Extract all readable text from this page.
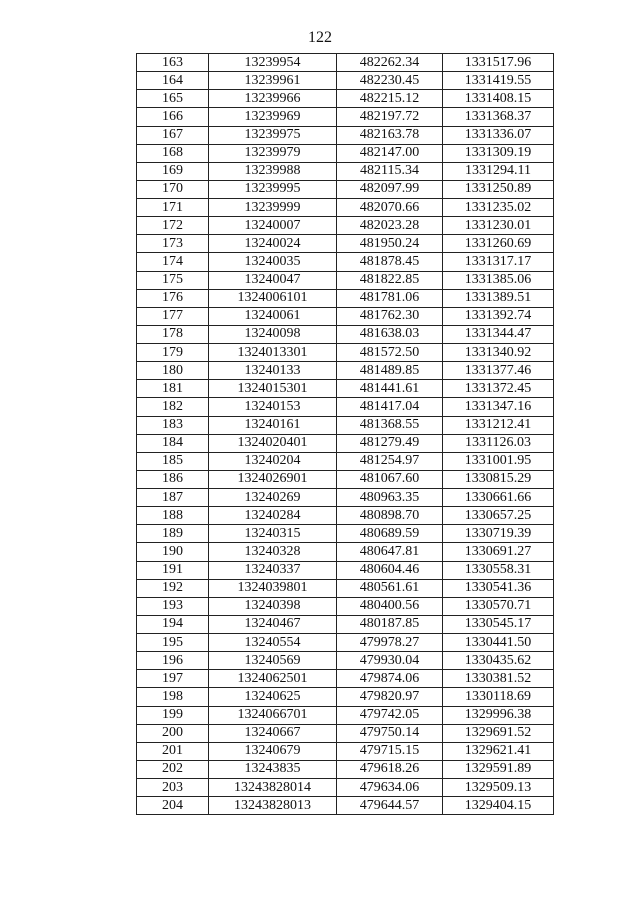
122
163	13239954	482262.34	1331517.96
164	13239961	482230.45	1331419.55
165	13239966	482215.12	1331408.15
166	13239969	482197.72	1331368.37
167	13239975	482163.78	1331336.07
168	13239979	482147.00	1331309.19
169	13239988	482115.34	1331294.11
170	13239995	482097.99	1331250.89
171	13239999	482070.66	1331235.02
172	13240007	482023.28	1331230.01
173	13240024	481950.24	1331260.69
174	13240035	481878.45	1331317.17
175	13240047	481822.85	1331385.06
176	1324006101	481781.06	1331389.51
177	13240061	481762.30	1331392.74
178	13240098	481638.03	1331344.47
179	1324013301	481572.50	1331340.92
180	13240133	481489.85	1331377.46
181	1324015301	481441.61	1331372.45
182	13240153	481417.04	1331347.16
183	13240161	481368.55	1331212.41
184	1324020401	481279.49	1331126.03
185	13240204	481254.97	1331001.95
186	1324026901	481067.60	1330815.29
187	13240269	480963.35	1330661.66
188	13240284	480898.70	1330657.25
189	13240315	480689.59	1330719.39
190	13240328	480647.81	1330691.27
191	13240337	480604.46	1330558.31
192	1324039801	480561.61	1330541.36
193	13240398	480400.56	1330570.71
194	13240467	480187.85	1330545.17
195	13240554	479978.27	1330441.50
196	13240569	479930.04	1330435.62
197	1324062501	479874.06	1330381.52
198	13240625	479820.97	1330118.69
199	1324066701	479742.05	1329996.38
200	13240667	479750.14	1329691.52
201	13240679	479715.15	1329621.41
202	13243835	479618.26	1329591.89
203	13243828014	479634.06	1329509.13
204	13243828013	479644.57	1329404.15
